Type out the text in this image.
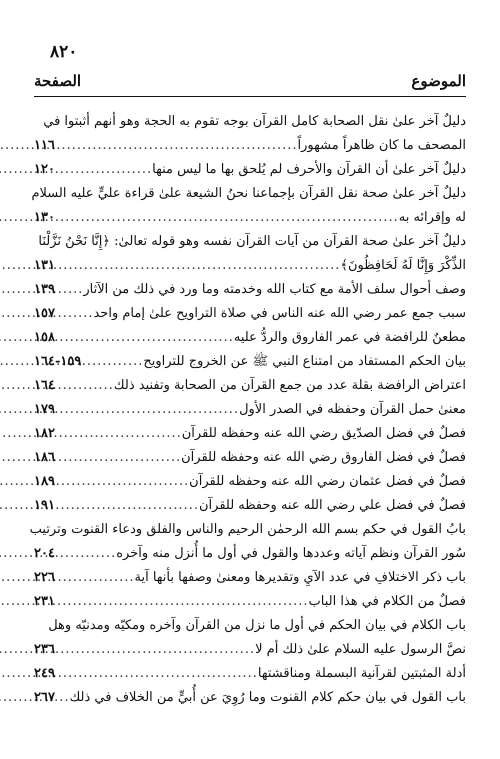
٨٢٠
الموضوع
الصفحة
دليلٌ آخر علىٰ نقل الصحابة كامل القرآن بوجه تقوم به الحجة وهو أنهم أثبتوا في
المصحف ما كان ظاهراً مشهوراً
.....
١١٦
دليلٌ آخر علىٰ أن القرآن والأحرف لم يُلحق بها ما ليس منها
.....
١٢٠
دليلٌ آخر علىٰ صحة نقل القرآن بإجماعنا نحنُ الشيعة علىٰ قراءة عليٍّ عليه السلام
له وإقرائه به
.....
١٣٠
دليلٌ آخر علىٰ صحة القرآن من آيات القرآن نفسه وهو قوله تعالىٰ: ﴿إِنَّا نَحْنُ نَزَّلْنَا
الذِّكْرَ وَإِنَّا لَهُ لَحَافِظُونَ﴾
.....
١٣١
وصف أحوال سلف الأمة مع كتاب الله وخدمته وما ورد في ذلك من الآثار
.....
١٣٩
سبب جمع عمر رضي الله عنه الناس في صلاة التراويح علىٰ إمام واحد
.....
١٥٧
مطعنٌ للرافضة في عمر الفاروق والردُّ عليه
.....
١٥٨
بيان الحكم المستفاد من امتناع النبي ﷺ عن الخروج للتراويح
.....
١٥٩-١٦٤
اعتراض الرافضة بقلة عدد من جمع القرآن من الصحابة وتفنيد ذلك
.....
١٦٤
معنىٰ حمل القرآن وحفظه في الصدر الأول
.....
١٧٩
فصلٌ في فضل الصدّيق رضي الله عنه وحفظه للقرآن
.....
١٨٢
فصلٌ في فضل الفاروق رضي الله عنه وحفظه للقرآن
.....
١٨٦
فصلٌ في فضل عثمان رضي الله عنه وحفظه للقرآن
.....
١٨٩
فصلٌ في فضل علي رضي الله عنه وحفظه للقرآن
.....
١٩١
بابُ القول في حكم بسم الله الرحمٰن الرحيم والناس والفلق ودعاء القنوت وترتيب
سُور القرآن ونظم آياته وعددها والقول في أول ما أُنزل منه وآخره
.....
٢٠٤
باب ذكر الاختلافِ في عدد الآيِ وتقديرها ومعنىٰ وصفها بأنها آية
.....
٢٢٦
فصلٌ من الكلام في هذا الباب
.....
٢٣١
باب الكلام في بيان الحكم في أول ما نزل من القرآن وآخره ومكيّه ومدنيّه وهل
نصَّ الرسول عليه السلام علىٰ ذلك أم لا
.....
٢٣٦
أدلة المثبتين لقرآنية البسملة ومناقشتها
.....
٢٤٩
باب القول في بيان حكم كلام القنوت وما رُوِيَ عن أُبيٍّ من الخلاف في ذلك
.....
٢٦٧
